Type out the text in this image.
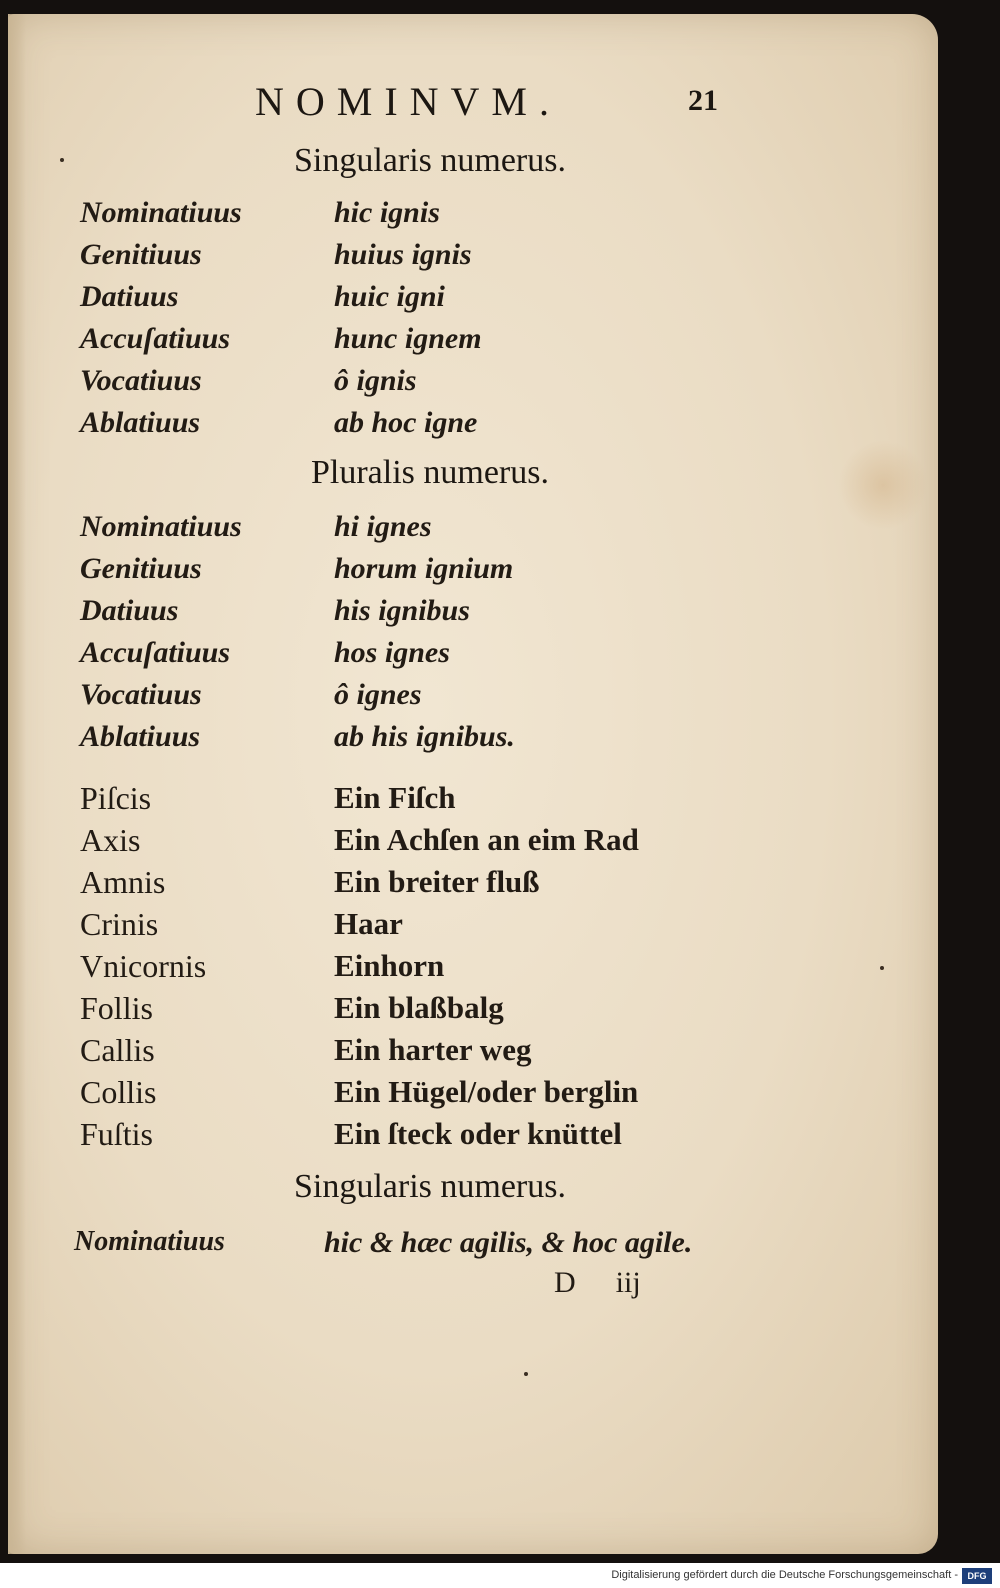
NOMINVM.	21
Singularis numerus.
Nominatiuus	hic ignis
Genitiuus	huius ignis
Datiuus	huic igni
Accuſatiuus	hunc ignem
Vocatiuus	ô ignis
Ablatiuus	ab hoc igne
Pluralis numerus.
Nominatiuus	hi ignes
Genitiuus	horum ignium
Datiuus	his ignibus
Accuſatiuus	hos ignes
Vocatiuus	ô ignes
Ablatiuus	ab his ignibus.
Piſcis	Ein Fiſch
Axis	Ein Achſen an eim Rad
Amnis	Ein breiter fluß
Crinis	Haar
Vnicornis	Einhorn
Follis	Ein blaßbalg
Callis	Ein harter weg
Collis	Ein Hügel/oder berglin
Fuſtis	Ein ſteck oder knüttel
Singularis numerus.
Nominatiuus	hic & hæc agilis, & hoc agile.
D iij
Digitalisierung gefördert durch die Deutsche Forschungsgemeinschaft -	DFG
